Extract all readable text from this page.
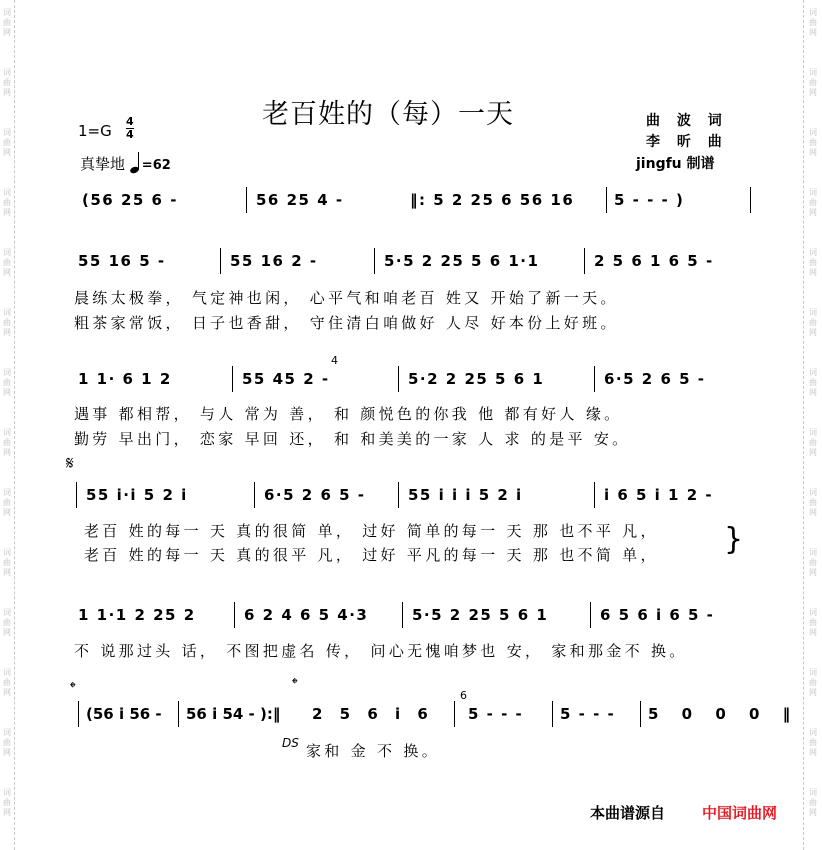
词
曲
网
词
曲
网
词
曲
网
词
曲
网
词
曲
网
词
曲
网
词
曲
网
词
曲
网
词
曲
网
词
曲
网
词
曲
网
词
曲
网
词
曲
网
词
曲
网
词
曲
网
词
曲
网
词
曲
网
词
曲
网
词
曲
网
词
曲
网
词
曲
网
词
曲
网
词
曲
网
词
曲
网
词
曲
网
词
曲
网
词
曲
网
词
曲
网
老百姓的（每）一天
1=G
4
4
真挚地 =62
曲 波 词
李 昕 曲
jingfu 制谱
(56 25 6 -	56 25 4 -	‖: 5 2 25 6 56 16	5 - - - )
55 16 5 -	55 16 2 -	5·5 2 25 5 6 1·1	2 5 6 1 6 5 -
晨练太极拳， 气定神也闲， 心平气和咱老百 姓又 开始了新一天。
粗茶家常饭， 日子也香甜， 守住清白咱做好 人尽 好本份上好班。
1 1· 6 1 2	55 45 2 -
4
5·2 2 25 5 6 1	6·5 2 6 5 -
遇事 都相帮， 与人 常为 善， 和 颜悦色的你我 他 都有好人 缘。
勤劳 早出门， 恋家 早回 还， 和 和美美的一家 人 求 的是平 安。
𝄋
55 i·i 5 2 i	6·5 2 6 5 -	55 i i i 5 2 i	i 6 5 i 1 2 -
老百 姓的每一 天 真的很简 单， 过好 简单的每一 天 那 也不平 凡，
老百 姓的每一 天 真的很平 凡， 过好 平凡的每一 天 那 也不简 单， }
1 1·1 2 25 2	6 2 4 6 5 4·3	5·5 2 25 5 6 1	6 5 6 i 6 5 -
不 说那过头 话， 不图把虚名 传， 问心无愧咱梦也 安， 家和那金不 换。
𝄌	𝄌
(56 i 56 - 56 i 54 - ):‖ 2 5 6 i 6
6
5 - - - 5 - - - 5 0 0 0 ‖
DS 家和 金 不 换。
本曲谱源自 中国词曲网
